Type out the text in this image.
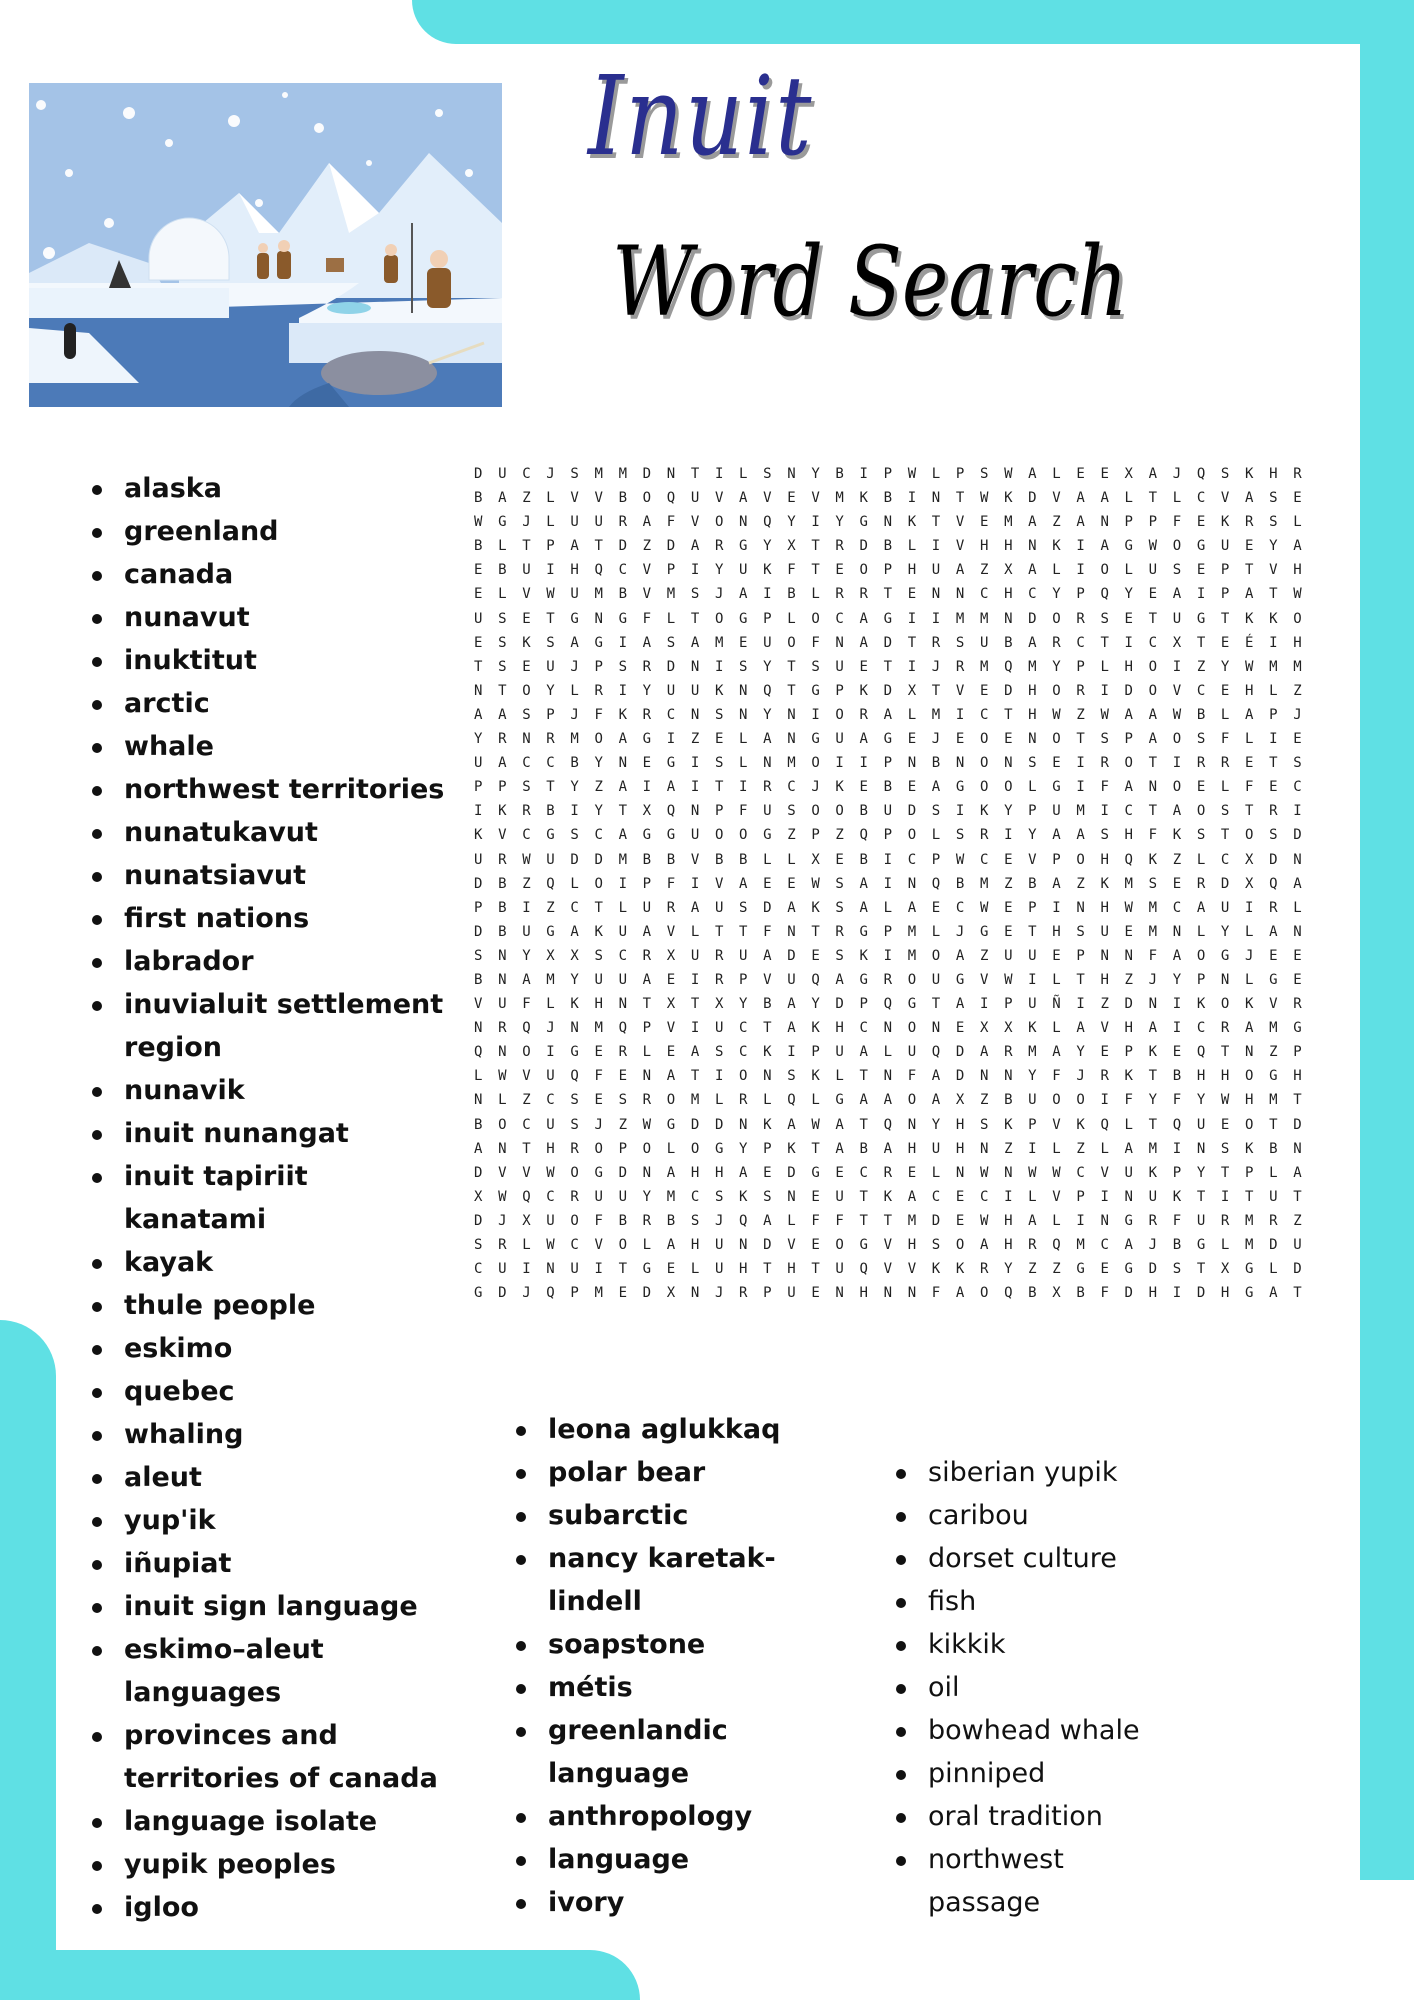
Inuit
Word Search
D	U	C	J	S	M	M	D	N	T	I	L	S	N	Y	B	I	P	W	L	P	S	W	A	L	E	E	X	A	J	Q	S	K	H	R
B	A	Z	L	V	V	B	O	Q	U	V	A	V	E	V	M	K	B	I	N	T	W	K	D	V	A	A	L	T	L	C	V	A	S	E
W	G	J	L	U	U	R	A	F	V	O	N	Q	Y	I	Y	G	N	K	T	V	E	M	A	Z	A	N	P	P	F	E	K	R	S	L
B	L	T	P	A	T	D	Z	D	A	R	G	Y	X	T	R	D	B	L	I	V	H	H	N	K	I	A	G	W	O	G	U	E	Y	A
E	B	U	I	H	Q	C	V	P	I	Y	U	K	F	T	E	O	P	H	U	A	Z	X	A	L	I	O	L	U	S	E	P	T	V	H
E	L	V	W	U	M	B	V	M	S	J	A	I	B	L	R	R	T	E	N	N	C	H	C	Y	P	Q	Y	E	A	I	P	A	T	W
U	S	E	T	G	N	G	F	L	T	O	G	P	L	O	C	A	G	I	I	M	M	N	D	O	R	S	E	T	U	G	T	K	K	O
E	S	K	S	A	G	I	A	S	A	M	E	U	O	F	N	A	D	T	R	S	U	B	A	R	C	T	I	C	X	T	E	É	I	H
T	S	E	U	J	P	S	R	D	N	I	S	Y	T	S	U	E	T	I	J	R	M	Q	M	Y	P	L	H	O	I	Z	Y	W	M	M
N	T	O	Y	L	R	I	Y	U	U	K	N	Q	T	G	P	K	D	X	T	V	E	D	H	O	R	I	D	O	V	C	E	H	L	Z
A	A	S	P	J	F	K	R	C	N	S	N	Y	N	I	O	R	A	L	M	I	C	T	H	W	Z	W	A	A	W	B	L	A	P	J
Y	R	N	R	M	O	A	G	I	Z	E	L	A	N	G	U	A	G	E	J	E	O	E	N	O	T	S	P	A	O	S	F	L	I	E
U	A	C	C	B	Y	N	E	G	I	S	L	N	M	O	I	I	P	N	B	N	O	N	S	E	I	R	O	T	I	R	R	E	T	S
P	P	S	T	Y	Z	A	I	A	I	T	I	R	C	J	K	E	B	E	A	G	O	O	L	G	I	F	A	N	O	E	L	F	E	C
I	K	R	B	I	Y	T	X	Q	N	P	F	U	S	O	O	B	U	D	S	I	K	Y	P	U	M	I	C	T	A	O	S	T	R	I
K	V	C	G	S	C	A	G	G	U	O	O	G	Z	P	Z	Q	P	O	L	S	R	I	Y	A	A	S	H	F	K	S	T	O	S	D
U	R	W	U	D	D	M	B	B	V	B	B	L	L	X	E	B	I	C	P	W	C	E	V	P	O	H	Q	K	Z	L	C	X	D	N
D	B	Z	Q	L	O	I	P	F	I	V	A	E	E	W	S	A	I	N	Q	B	M	Z	B	A	Z	K	M	S	E	R	D	X	Q	A
P	B	I	Z	C	T	L	U	R	A	U	S	D	A	K	S	A	L	A	E	C	W	E	P	I	N	H	W	M	C	A	U	I	R	L
D	B	U	G	A	K	U	A	V	L	T	T	F	N	T	R	G	P	M	L	J	G	E	T	H	S	U	E	M	N	L	Y	L	A	N
S	N	Y	X	X	S	C	R	X	U	R	U	A	D	E	S	K	I	M	O	A	Z	U	U	E	P	N	N	F	A	O	G	J	E	E
B	N	A	M	Y	U	U	A	E	I	R	P	V	U	Q	A	G	R	O	U	G	V	W	I	L	T	H	Z	J	Y	P	N	L	G	E
V	U	F	L	K	H	N	T	X	T	X	Y	B	A	Y	D	P	Q	G	T	A	I	P	U	Ñ	I	Z	D	N	I	K	O	K	V	R
N	R	Q	J	N	M	Q	P	V	I	U	C	T	A	K	H	C	N	O	N	E	X	X	K	L	A	V	H	A	I	C	R	A	M	G
Q	N	O	I	G	E	R	L	E	A	S	C	K	I	P	U	A	L	U	Q	D	A	R	M	A	Y	E	P	K	E	Q	T	N	Z	P
L	W	V	U	Q	F	E	N	A	T	I	O	N	S	K	L	T	N	F	A	D	N	N	Y	F	J	R	K	T	B	H	H	O	G	H
N	L	Z	C	S	E	S	R	O	M	L	R	L	Q	L	G	A	A	O	A	X	Z	B	U	O	O	I	F	Y	F	Y	W	H	M	T
B	O	C	U	S	J	Z	W	G	D	D	N	K	A	W	A	T	Q	N	Y	H	S	K	P	V	K	Q	L	T	Q	U	E	O	T	D
A	N	T	H	R	O	P	O	L	O	G	Y	P	K	T	A	B	A	H	U	H	N	Z	I	L	Z	L	A	M	I	N	S	K	B	N
D	V	V	W	O	G	D	N	A	H	H	A	E	D	G	E	C	R	E	L	N	W	N	W	W	C	V	U	K	P	Y	T	P	L	A
X	W	Q	C	R	U	U	Y	M	C	S	K	S	N	E	U	T	K	A	C	E	C	I	L	V	P	I	N	U	K	T	I	T	U	T
D	J	X	U	O	F	B	R	B	S	J	Q	A	L	F	F	T	T	M	D	E	W	H	A	L	I	N	G	R	F	U	R	M	R	Z
S	R	L	W	C	V	O	L	A	H	U	N	D	V	E	O	G	V	H	S	O	A	H	R	Q	M	C	A	J	B	G	L	M	D	U
C	U	I	N	U	I	T	G	E	L	U	H	T	H	T	U	Q	V	V	K	K	R	Y	Z	Z	G	E	G	D	S	T	X	G	L	D
G	D	J	Q	P	M	E	D	X	N	J	R	P	U	E	N	H	N	N	F	A	O	Q	B	X	B	F	D	H	I	D	H	G	A	T
alaska
greenland
canada
nunavut
inuktitut
arctic
whale
northwest territories
nunatukavut
nunatsiavut
first nations
labrador
inuvialuit settlement
region
nunavik
inuit nunangat
inuit tapiriit
kanatami
kayak
thule people
eskimo
quebec
whaling
aleut
yup'ik
iñupiat
inuit sign language
eskimo–aleut
languages
provinces and
territories of canada
language isolate
yupik peoples
igloo
leona aglukkaq
polar bear
subarctic
nancy karetak-
lindell
soapstone
métis
greenlandic
language
anthropology
language
ivory
siberian yupik
caribou
dorset culture
fish
kikkik
oil
bowhead whale
pinniped
oral tradition
northwest
passage
